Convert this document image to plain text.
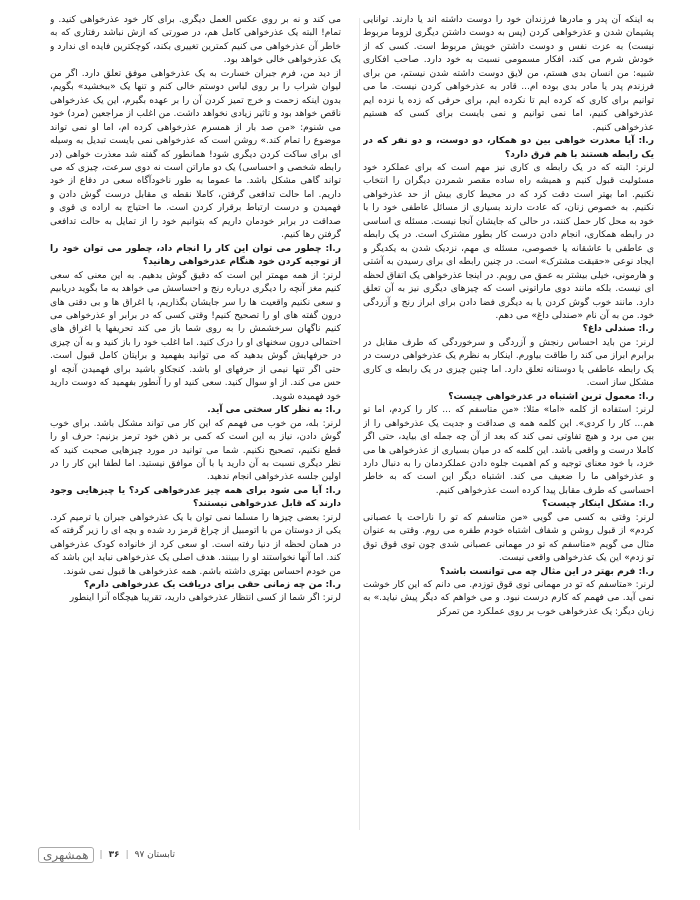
به اینکه آن پدر و مادرها فرزندان خود را دوست داشته اند یا دارند. توانایی پشیمان شدن و عذرخواهی کردن (پس به دوست داشتن دیگری لزوما مربوط نیست) به عزت نفس و دوست داشتن خویش مربوط است. کسی که از خودش شرم می کند، افکار مسمومی نسبت به خود دارد. صاحب افکاری شبیه: من انسان بدی هستم، من لایق دوست داشته شدن نیستم، من برای فرزندم پدر یا مادر بدی بوده ام... قادر به عذرخواهی کردن نیست. ما می توانیم برای کاری که کرده ایم تا نکرده ایم، برای حرفی که زده یا نزده ایم عذرخواهی کنیم، اما نمی توانیم و نمی بایست برای کسی که هستیم عذرخواهی کنیم.

ر.ا: آیا معذرت خواهی بین دو همکار، دو دوست، و دو نفر که در یک رابطه هستند با هم فرق دارد؟

لرنر: البته که در یک رابطه ی کاری نیز مهم است که برای عملکرد خود مسئولیت قبول کنیم و همیشه راه ساده مقصر شمردن دیگران را انتخاب نکنیم. اما بهتر است دقت کرد که در محیط کاری بیش از حد عذرخواهی نکنیم. به خصوص زنان، که عادت دارند بسیاری از مسائل عاطفی خود را با خود به محل کار حمل کنند، در حالی که جایشان آنجا نیست. مسئله ی اساسی در رابطه همکاری، انجام دادن درست کار بطور مشترک است. در یک رابطه ی عاطفی با عاشقانه یا خصوصی، مسئله ی مهم، نزدیک شدن به یکدیگر و ایجاد نوعی «حقیقت مشترک» است. در چنین رابطه ای برای رسیدن به آشتی و هارمونی، خیلی بیشتر به عمق می رویم. در اینجا عذرخواهی یک اتفاق لحظه ای نیست. بلکه مانند دوی ماراتونی است که چیزهای دیگری نیز به آن تعلق دارد. مانند خوب گوش کردن یا به دیگری فضا دادن برای ابراز رنج و آزردگی خود. من به آن نام «صندلی داغ» می دهم.

ر.ا: صندلی داغ؟

لرنر: من باید احساس رنجش و آزردگی و سرخوردگی که طرف مقابل در برابرم ابراز می کند را طاقت بیاورم. اینکار به نظرم یک عذرخواهی درست در یک رابطه عاطفی یا دوستانه تعلق دارد. اما چنین چیزی در یک رابطه ی کاری مشکل ساز است.

ر.ا: معمول ترین اشتباه در عذرخواهی چیست؟

لرنر: استفاده از کلمه «اما» مثلا: «من متاسفم که ... کار را کردم، اما تو هم... کار را کردی». این کلمه همه ی صداقت و جدیت یک عذرخواهی را از بین می برد و هیچ تفاوتی نمی کند که بعد از آن چه جمله ای بیاید، حتی اگر کاملا درست و واقعی باشد. این کلمه که در میان بسیاری از عذرخواهی ها می خزد، با خود معنای توجیه و کم اهمیت جلوه دادن عملکردمان را به دنبال دارد و عذرخواهی ما را ضعیف می کند. اشتباه دیگر این است که به خاطر احساسی که طرف مقابل پیدا کرده است عذرخواهی کنیم.

ر.ا: مشکل اینکار چیست؟

لرنر: وقتی به کسی می گویی «من متاسفم که تو را ناراحت یا عصبانی کردم» از قبول روشن و شفاف اشتباه خودم طفره می روم. وقتی به عنوان مثال می گویم «متاسفم که تو در مهمانی عصبانی شدی چون توی قوق توق تو زدم» این یک عذرخواهی واقعی نیست.

ر.ا: فرم بهتر در این مثال چه می توانست باشد؟

لرنر: «متاسفم که تو در مهمانی توی قوق توزدم. می دانم که این کار خوشت نمی آید. می فهمم که کارم درست نبود. و می خواهم که دیگر پیش نیاید.» به زبان دیگر: یک عذرخواهی خوب بر روی عملکرد من تمرکز

می کند و نه بر روی عکس العمل دیگری. برای کار خود عذرخواهی کنید. و تمام! البته یک عذرخواهی کامل هم، در صورتی که ازش نباشد رفتاری که به خاطر آن عذرخواهی می کنیم کمترین تغییری بکند، کوچکترین فایده ای ندارد و یک عذرخواهی خالی خواهد بود.

از دید من، فرم جبران خسارت به یک عذرخواهی موفق تعلق دارد. اگر من لیوان شراب را بر روی لباس دوستم خالی کنم و تنها یک «ببخشید» بگویم، بدون اینکه زحمت و خرج تمیز کردن آن را بر عهده بگیرم، این یک عذرخواهی ناقص خواهد بود و تاثیر زیادی نخواهد داشت. من اغلب از مراجعین (مرد) خود می شنوم: «من صد بار از همسرم عذرخواهی کرده ام، اما او نمی تواند موضوع را تمام کند.» روشن است که عذرخواهی نمی بایست تبدیل به وسیله ای برای ساکت کردن دیگری شود! همانطور که گفته شد معذرت خواهی (در رابطه شخصی و احساسی) یک دو ماراتن است نه دوی سرعت، چیزی که می تواند گاهی مشکل باشد. ما عموما به طور ناخودآگاه سعی در دفاع از خود داریم. اما حالت تدافعی گرفتن، کاملا نقطه ی مقابل درست گوش دادن و فهمیدن و درست ارتباط برقرار کردن است. ما احتیاج به اراده ی قوی و صداقت در برابر خودمان داریم که بتوانیم خود را از تمایل به حالت تدافعی گرفتن رها کنیم.

ر.ا: چطور می توان این کار را انجام داد، چطور می توان خود را از توجیه کردن خود هنگام عذرخواهی رهانید؟

لرنر: از همه مهمتر این است که دقیق گوش بدهیم. به این معنی که سعی کنیم مغز آنچه را دیگری درباره رنج و احساسش می خواهد به ما بگوید دریابیم و سعی نکنیم واقعیت ها را سر جایشان بگذاریم، یا اغراق ها و بی دقتی های درون گفته های او را تصحیح کنیم! وقتی کسی که در برابر او عذرخواهی می کنیم ناگهان سرخشمش را به روی شما باز می کند تحریفها یا اغراق های احتمالی درون سخنهای او را درک کنید. اما اغلب خود را باز کنید و به آن چیزی در حرفهایش گوش بدهید که می توانید بفهمید و برایتان کامل قبول است. حتی اگر تنها نیمی از حرفهای او باشد. کنجکاو باشید برای فهمیدن آنچه او حس می کند. از او سوال کنید. سعی کنید او را آنطور بفهمید که دوست دارید خود فهمیده شوید.

ر.ا: به نظر کار سختی می آید.

لرنر: بله، من خوب می فهمم که این کار می تواند مشکل باشد. برای خوب گوش دادن، نیاز به این است که کمی بر ذهن خود ترمز بزنیم: حرف او را قطع نکنیم، تصحیح نکنیم. شما می توانید در مورد چیزهایی صحبت کنید که نظر دیگری نسبت به آن دارید یا با آن موافق نیستید. اما لطفا این کار را در اولین جلسه عذرخواهی انجام ندهید.

ر.ا: آیا می شود برای همه چیز عذرخواهی کرد؟ یا چیزهایی وجود دارند که قابل عذرخواهی نیستند؟

لرنر: بعضی چیزها را مسلما نمی توان با یک عذرخواهی جبران یا ترمیم کرد. یکی از دوستان من با اتومبیل از چراغ قرمز رد شده و بچه ای را زیر گرفته که در همان لحظه از دنیا رفته است. او سعی کرد از خانواده کودک عذرخواهی کند. اما آنها نخواستند او را ببینند. هدف اصلی یک عذرخواهی نباید این باشد که من خودم احساس بهتری داشته باشم. همه عذرخواهی ها قبول نمی شوند.

ر.ا: من چه زمانی حقی برای دریافت یک عذرخواهی دارم؟

لرنر: اگر شما از کسی انتظار عذرخواهی دارید، تقریبا هیچگاه آنرا اینطور

همشهری	| ۳۶ | تابستان ۹۷
